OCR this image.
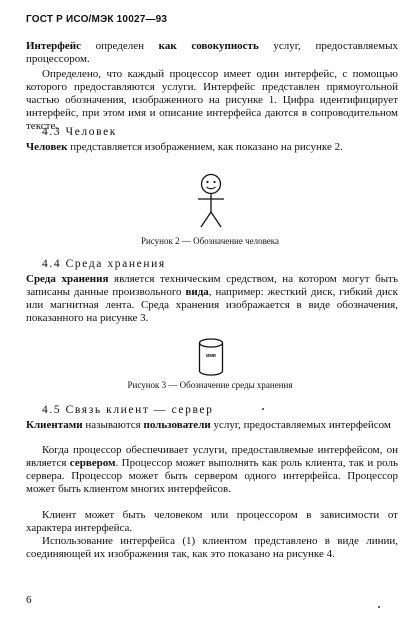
ГОСТ Р ИСО/МЭК 10027—93
Интерфейс определен как совокупность услуг, предоставляемых процессором.
Определено, что каждый процессор имеет один интерфейс, с помощью которого предоставляются услуги. Интерфейс представлен прямоугольной частью обозначения, изображенного на рисунке 1. Цифра идентифицирует интерфейс, при этом имя и описание интерфейса даются в сопроводительном тексте.
4.3 Человек
Человек представляется изображением, как показано на рисунке 2.
Рисунок 2 — Обозначение человека
4.4 Среда хранения
Среда хранения является техническим средством, на котором могут быть записаны данные произвольного вида, например: жесткий диск, гибкий диск или магнитная лента. Среда хранения изображается в виде обозначения, показанного на рисунке 3.
имя
Рисунок 3 — Обозначение среды хранения
4.5 Связь клиент — сервер
Клиентами называются пользователи услуг, предоставляемых интерфейсом
Когда процессор обеспечивает услуги, предоставляемые интерфейсом, он является сервером. Процессор может выполнять как роль клиента, так и роль сервера. Процессор может быть сервером одного интерфейса. Процессор может быть клиентом многих интерфейсов.
Клиент может быть человеком или процессором в зависимости от характера интерфейса.
Использование интерфейса (1) клиентом представлено в виде линии, соединяющей их изображения так, как это показано на рисунке 4.
6
